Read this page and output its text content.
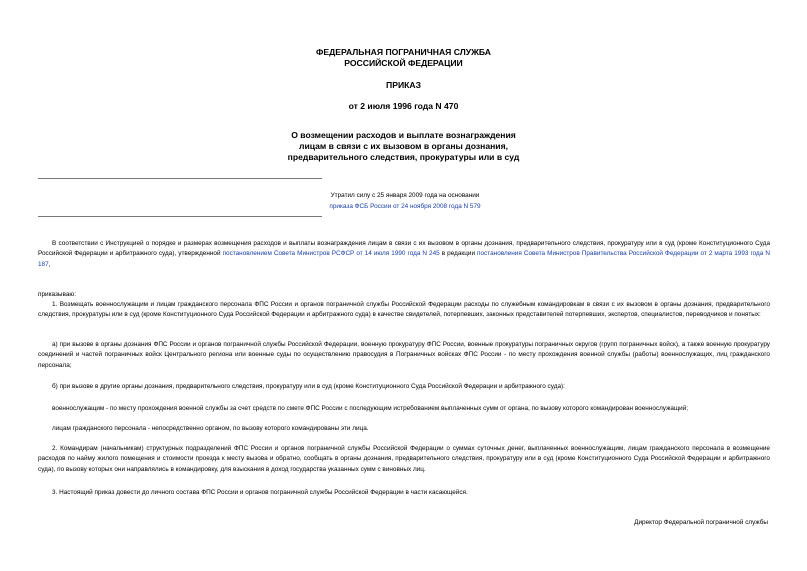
ФЕДЕРАЛЬНАЯ ПОГРАНИЧНАЯ СЛУЖБА
РОССИЙСКОЙ ФЕДЕРАЦИИ
ПРИКАЗ
от 2 июля 1996 года N 470
О возмещении расходов и выплате вознаграждения
лицам в связи с их вызовом в органы дознания,
предварительного следствия, прокуратуры или в суд
Утратил силу с 25 января 2009 года на основании
приказа ФСБ России от 24 ноября 2008 года N 579
В соответствии с Инструкцией о порядке и размерах возмещения расходов и выплаты вознаграждения лицам в связи с их вызовом в органы дознания, предварительного следствия, прокуратуру или в суд (кроме Конституционного Суда Российской Федерации и арбитражного суда), утвержденной постановлением Совета Министров РСФСР от 14 июля 1990 года N 245 в редакции постановления Совета Министров Правительства Российской Федерации от 2 марта 1993 года N 187,
приказываю:
1. Возмещать военнослужащим и лицам гражданского персонала ФПС России и органов пограничной службы Российской Федерации расходы по служебным командировкам в связи с их вызовом в органы дознания, предварительного следствия, прокуратуры или в суд (кроме Конституционного Суда Российской Федерации и арбитражного суда) в качестве свидетелей, потерпевших, законных представителей потерпевших, экспертов, специалистов, переводчиков и понятых:
а) при вызове в органы дознания ФПС России и органов пограничной службы Российской Федерации, военную прокуратуру ФПС России, военные прокуратуры пограничных округов (групп пограничных войск), а также военную прокуратуру соединений и частей пограничных войск Центрального региона или военные суды по осуществлению правосудия в Пограничных войсках ФПС России - по месту прохождения военной службы (работы) военнослужащих, лиц гражданского персонала;
б) при вызове в другие органы дознания, предварительного следствия, прокуратуру или в суд (кроме Конституционного Суда Российской Федерации и арбитражного суда):
военнослужащим - по месту прохождения военной службы за счет средств по смете ФПС России с последующим истребованием выплаченных сумм от органа, по вызову которого командирован военнослужащий;
лицам гражданского персонала - непосредственно органом, по вызову которого командированы эти лица.
2. Командирам (начальникам) структурных подразделений ФПС России и органов пограничной службы Российской Федерации о суммах суточных денег, выплаченных военнослужащим, лицам гражданского персонала в возмещение расходов по найму жилого помещения и стоимости проезда к месту вызова и обратно, сообщать в органы дознания, предварительного следствия, прокуратуру или в суд (кроме Конституционного Суда Российской Федерации и арбитражного суда), по вызову которых они направлялись в командировку, для взыскания в доход государства указанных сумм с виновных лиц.
3. Настоящий приказ довести до личного состава ФПС России и органов пограничной службы Российской Федерации в части касающейся.
Директор Федеральной пограничной службы
